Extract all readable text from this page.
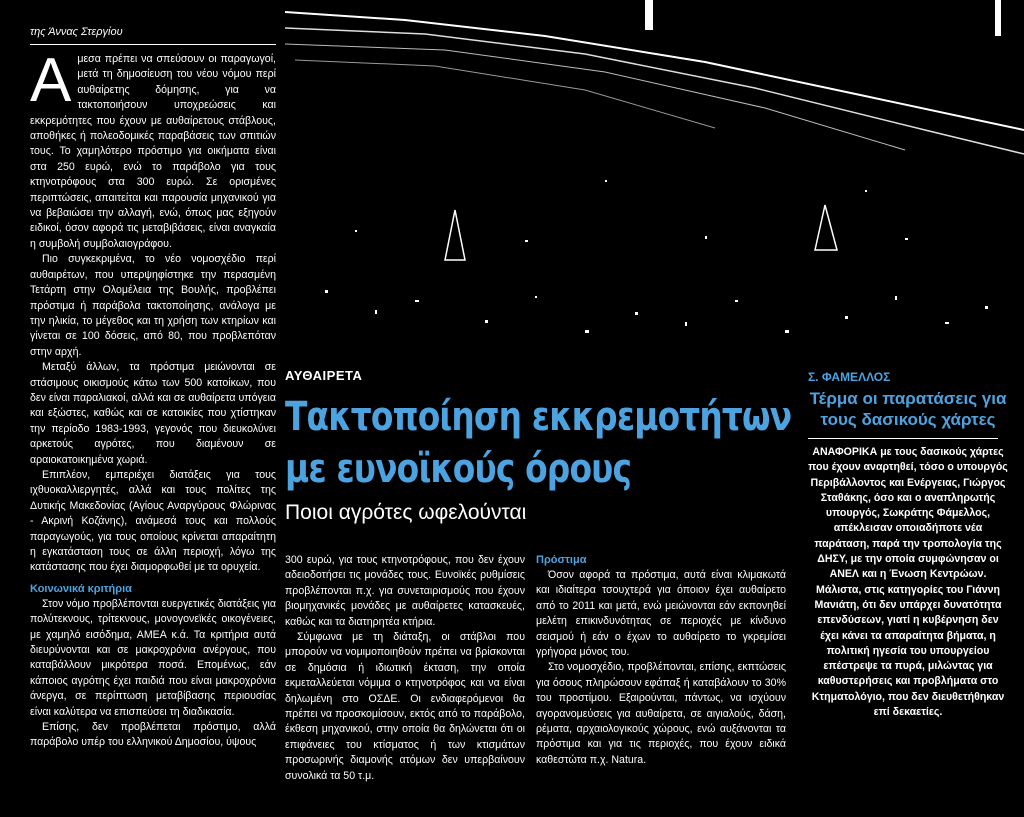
της Άννας Στεργίου

Αμεσα πρέπει να σπεύσουν οι παραγωγοί, μετά τη δημοσίευση του νέου νόμου περί αυθαίρετης δόμησης, για να τακτοποιήσουν υποχρεώσεις και εκκρεμότητες που έχουν με αυθαίρετους στάβλους, αποθήκες ή πολεοδομικές παραβάσεις των σπιτιών τους. Το χαμηλότερο πρόστιμο για οικήματα είναι στα 250 ευρώ, ενώ το παράβολο για τους κτηνοτρόφους στα 300 ευρώ. Σε ορισμένες περιπτώσεις, απαιτείται και παρουσία μηχανικού για να βεβαιώσει την αλλαγή, ενώ, όπως μας εξηγούν ειδικοί, όσον αφορά τις μεταβιβάσεις, είναι αναγκαία η συμβολή συμβολαιογράφου.

Πιο συγκεκριμένα, το νέο νομοσχέδιο περί αυθαιρέτων, που υπερψηφίστηκε την περασμένη Τετάρτη στην Ολομέλεια της Βουλής, προβλέπει πρόστιμα ή παράβολα τακτοποίησης, ανάλογα με την ηλικία, το μέγεθος και τη χρήση των κτηρίων και γίνεται σε 100 δόσεις, από 80, που προβλεπόταν στην αρχή.

Μεταξύ άλλων, τα πρόστιμα μειώνονται σε στάσιμους οικισμούς κάτω των 500 κατοίκων, που δεν είναι παραλιακοί, αλλά και σε αυθαίρετα υπόγεια και εξώστες, καθώς και σε κατοικίες που χτίστηκαν την περίοδο 1983-1993, γεγονός που διευκολύνει αρκετούς αγρότες, που διαμένουν σε αραιοκατοικημένα χωριά.

Επιπλέον, εμπεριέχει διατάξεις για τους ιχθυοκαλλιεργητές, αλλά και τους πολίτες της Δυτικής Μακεδονίας (Αγίους Αναργύρους Φλώρινας - Ακρινή Κοζάνης), ανάμεσά τους και πολλούς παραγωγούς, για τους οποίους κρίνεται απαραίτητη η εγκατάσταση τους σε άλλη περιοχή, λόγω της κατάστασης που έχει διαμορφωθεί με τα ορυχεία.

Κοινωνικά κριτήρια

Στον νόμο προβλέπονται ευεργετικές διατάξεις για πολύτεκνους, τρίτεκνους, μονογονεϊκές οικογένειες, με χαμηλό εισόδημα, ΑΜΕΑ κ.ά. Τα κριτήρια αυτά διευρύνονται και σε μακροχρόνια ανέργους, που καταβάλλουν μικρότερα ποσά. Επομένως, εάν κάποιος αγρότης έχει παιδιά που είναι μακροχρόνια άνεργα, σε περίπτωση μεταβίβασης περιουσίας είναι καλύτερα να επισπεύσει τη διαδικασία.

Επίσης, δεν προβλέπεται πρόστιμο, αλλά παράβολο υπέρ του ελληνικού Δημοσίου, ύψους

ΑΥΘΑΙΡΕΤΑ
Τακτοποίηση εκκρεμοτήτων
με ευνοϊκούς όρους
Ποιοι αγρότες ωφελούνται

300 ευρώ, για τους κτηνοτρόφους, που δεν έχουν αδειοδοτήσει τις μονάδες τους. Ευνοϊκές ρυθμίσεις προβλέπονται π.χ. για συνεταιρισμούς που έχουν βιομηχανικές μονάδες με αυθαίρετες κατασκευές, καθώς και τα διατηρητέα κτήρια.

Σύμφωνα με τη διάταξη, οι στάβλοι που μπορούν να νομιμοποιηθούν πρέπει να βρίσκονται σε δημόσια ή ιδιωτική έκταση, την οποία εκμεταλλεύεται νόμιμα ο κτηνοτρόφος και να είναι δηλωμένη στο ΟΣΔΕ. Οι ενδιαφερόμενοι θα πρέπει να προσκομίσουν, εκτός από το παράβολο, έκθεση μηχανικού, στην οποία θα δηλώνεται ότι οι επιφάνειες του κτίσματος ή των κτισμάτων προσωρινής διαμονής ατόμων δεν υπερβαίνουν συνολικά τα 50 τ.μ.

Πρόστιμα

Όσον αφορά τα πρόστιμα, αυτά είναι κλιμακωτά και ιδιαίτερα τσουχτερά για όποιον έχει αυθαίρετο από το 2011 και μετά, ενώ μειώνονται εάν εκπονηθεί μελέτη επικινδυνότητας σε περιοχές με κίνδυνο σεισμού ή εάν ο έχων το αυθαίρετο το γκρεμίσει γρήγορα μόνος του.

Στο νομοσχέδιο, προβλέπονται, επίσης, εκπτώσεις για όσους πληρώσουν εφάπαξ ή καταβάλουν το 30% του προστίμου. Εξαιρούνται, πάντως, να ισχύουν αγορανομεύσεις για αυθαίρετα, σε αιγιαλούς, δάση, ρέματα, αρχαιολογικούς χώρους, ενώ αυξάνονται τα πρόστιμα και για τις περιοχές, που έχουν ειδικά καθεστώτα π.χ. Natura.

Σ. ΦΑΜΕΛΛΟΣ
Τέρμα οι παρατάσεις για τους δασικούς χάρτες

ΑΝΑΦΟΡΙΚΑ με τους δασικούς χάρτες που έχουν αναρτηθεί, τόσο ο υπουργός Περιβάλλοντος και Ενέργειας, Γιώργος Σταθάκης, όσο και ο αναπληρωτής υπουργός, Σωκράτης Φάμελλος, απέκλεισαν οποιαδήποτε νέα παράταση, παρά την τροπολογία της ΔΗΣΥ, με την οποία συμφώνησαν οι ΑΝΕΛ και η Ένωση Κεντρώων. Μάλιστα, στις κατηγορίες του Γιάννη Μανιάτη, ότι δεν υπάρχει δυνατότητα επενδύσεων, γιατί η κυβέρνηση δεν έχει κάνει τα απαραίτητα βήματα, η πολιτική ηγεσία του υπουργείου επέστρεψε τα πυρά, μιλώντας για καθυστερήσεις και προβλήματα στο Κτηματολόγιο, που δεν διευθετήθηκαν επί δεκαετίες.
